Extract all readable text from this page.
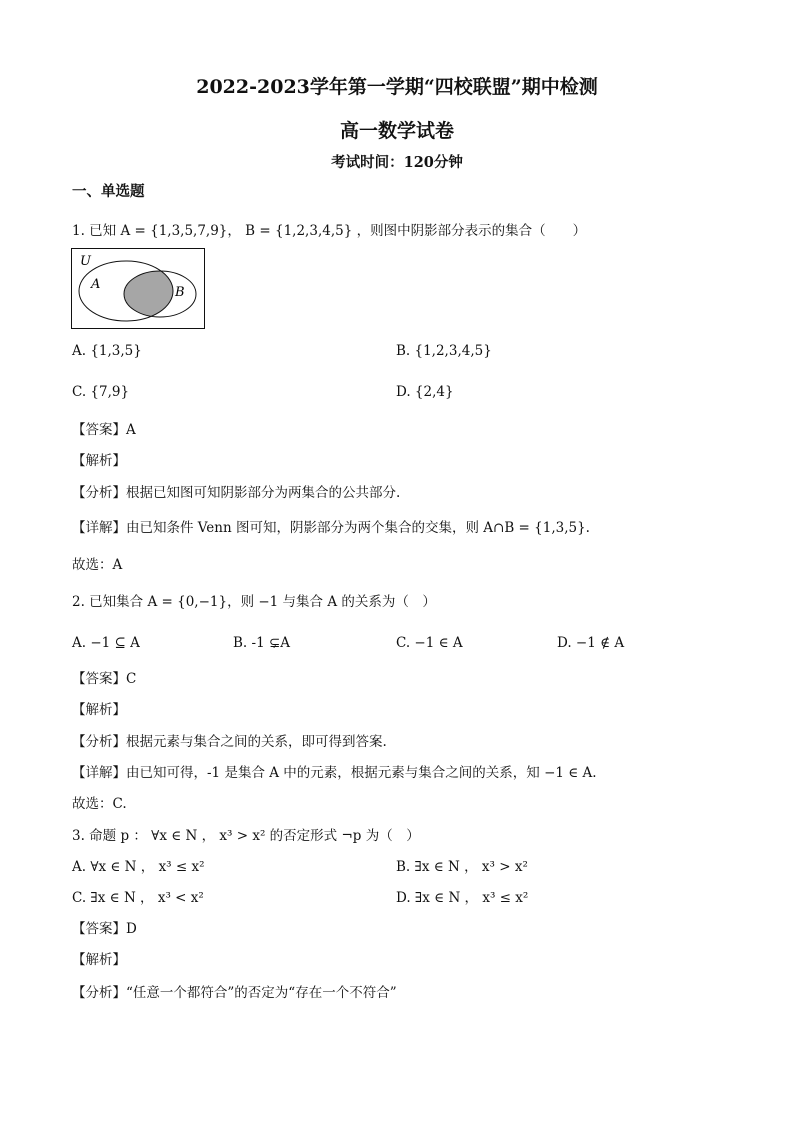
2022-2023学年第一学期“四校联盟”期中检测
高一数学试卷
考试时间：120分钟
一、单选题
1. 已知 A = {1,3,5,7,9}， B = {1,2,3,4,5} ，则图中阴影部分表示的集合（　　）
U
A
B
A. {1,3,5}	B. {1,2,3,4,5}
C. {7,9}	D. {2,4}
【答案】A
【解析】
【分析】根据已知图可知阴影部分为两集合的公共部分.
【详解】由已知条件 Venn 图可知，阴影部分为两个集合的交集，则 A∩B = {1,3,5}.
故选：A
2. 已知集合 A = {0,−1}，则 −1 与集合 A 的关系为（　）
A. −1 ⊆ A	B. -1 ⊊A	C. −1 ∈ A	D. −1 ∉ A
【答案】C
【解析】
【分析】根据元素与集合之间的关系，即可得到答案.
【详解】由已知可得，-1 是集合 A 中的元素，根据元素与集合之间的关系，知 −1 ∈ A.
故选：C.
3. 命题 p ： ∀x ∈ N ， x³ > x² 的否定形式 ¬p 为（　）
A. ∀x ∈ N ， x³ ≤ x²	B. ∃x ∈ N ， x³ > x²
C. ∃x ∈ N ， x³ < x²	D. ∃x ∈ N ， x³ ≤ x²
【答案】D
【解析】
【分析】“任意一个都符合”的否定为“存在一个不符合”
